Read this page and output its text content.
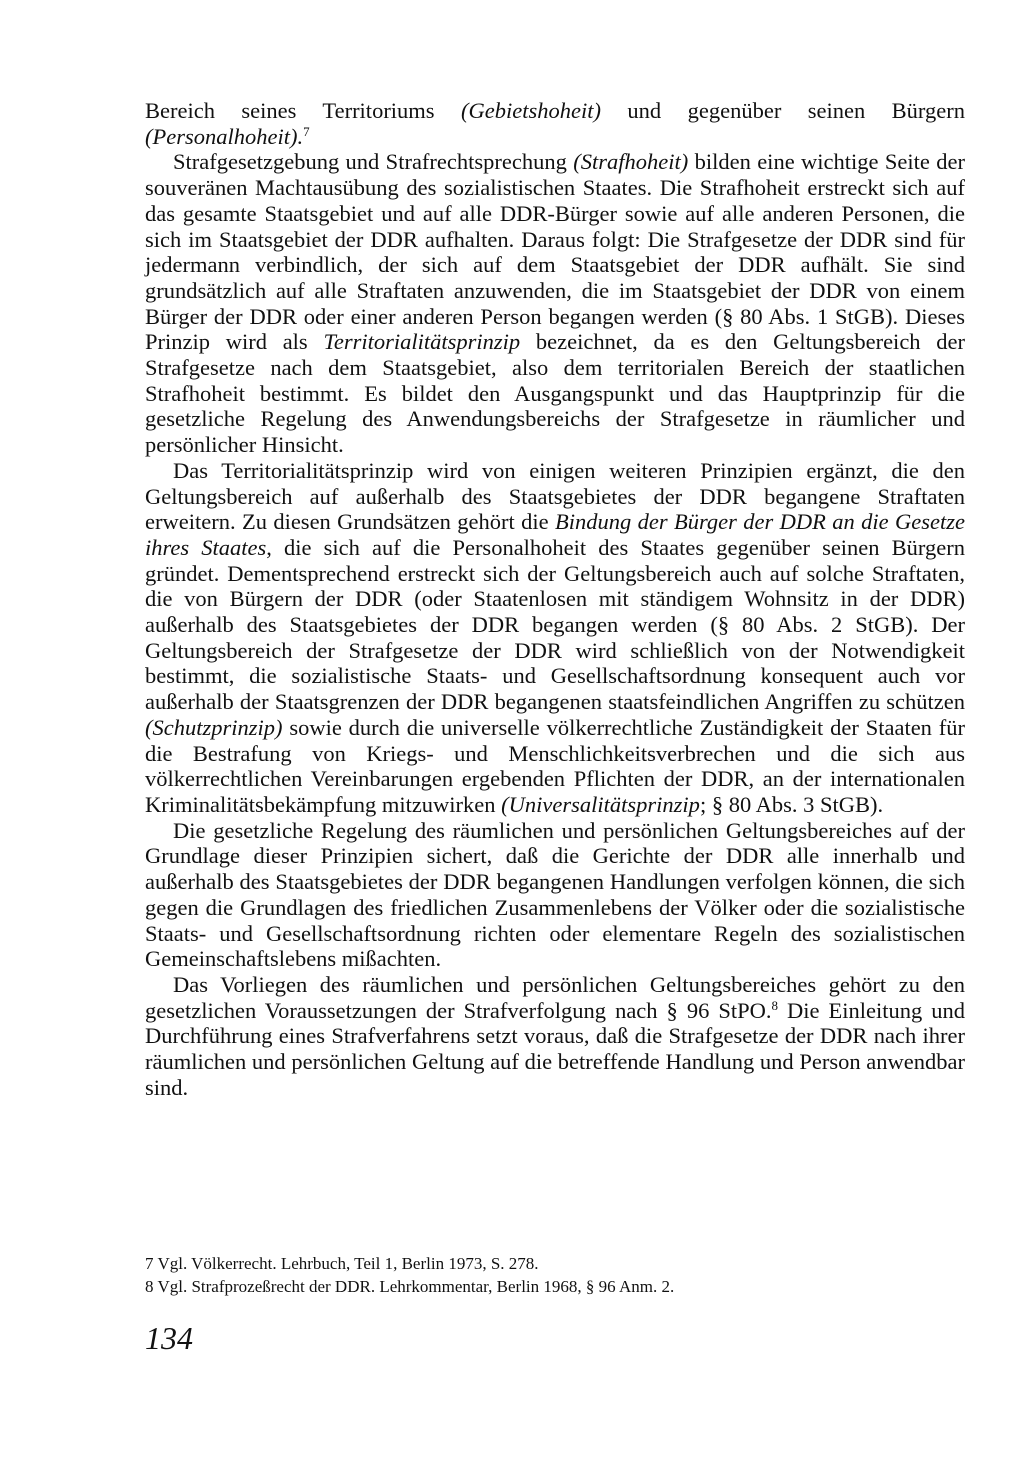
Bereich seines Territoriums (Gebietshoheit) und gegenüber seinen Bürgern (Personalhoheit).$^7$

Strafgesetzgebung und Strafrechtsprechung (Strafhoheit) bilden eine wichtige Seite der souveränen Machtausübung des sozialistischen Staates. Die Strafhoheit erstreckt sich auf das gesamte Staatsgebiet und auf alle DDR-Bürger sowie auf alle anderen Personen, die sich im Staatsgebiet der DDR aufhalten. Daraus folgt: Die Strafgesetze der DDR sind für jedermann verbindlich, der sich auf dem Staatsgebiet der DDR aufhält. Sie sind grundsätzlich auf alle Straftaten anzuwenden, die im Staatsgebiet der DDR von einem Bürger der DDR oder einer anderen Person begangen werden (§ 80 Abs. 1 StGB). Dieses Prinzip wird als Territorialitätsprinzip bezeichnet, da es den Geltungsbereich der Strafgesetze nach dem Staatsgebiet, also dem territorialen Bereich der staatlichen Strafhoheit bestimmt. Es bildet den Ausgangspunkt und das Hauptprinzip für die gesetzliche Regelung des Anwendungsbereichs der Strafgesetze in räumlicher und persönlicher Hinsicht.

Das Territorialitätsprinzip wird von einigen weiteren Prinzipien ergänzt, die den Geltungsbereich auf außerhalb des Staatsgebietes der DDR begangene Straftaten erweitern. Zu diesen Grundsätzen gehört die Bindung der Bürger der DDR an die Gesetze ihres Staates, die sich auf die Personalhoheit des Staates gegenüber seinen Bürgern gründet. Dementsprechend erstreckt sich der Geltungsbereich auch auf solche Straftaten, die von Bürgern der DDR (oder Staatenlosen mit ständigem Wohnsitz in der DDR) außerhalb des Staatsgebietes der DDR begangen werden (§ 80 Abs. 2 StGB). Der Geltungsbereich der Strafgesetze der DDR wird schließlich von der Notwendigkeit bestimmt, die sozialistische Staats- und Gesellschaftsordnung konsequent auch vor außerhalb der Staatsgrenzen der DDR begangenen staatsfeindlichen Angriffen zu schützen (Schutzprinzip) sowie durch die universelle völkerrechtliche Zuständigkeit der Staaten für die Bestrafung von Kriegs- und Menschlichkeitsverbrechen und die sich aus völkerrechtlichen Vereinbarungen ergebenden Pflichten der DDR, an der internationalen Kriminalitätsbekämpfung mitzuwirken (Universalitätsprinzip; § 80 Abs. 3 StGB).

Die gesetzliche Regelung des räumlichen und persönlichen Geltungsbereiches auf der Grundlage dieser Prinzipien sichert, daß die Gerichte der DDR alle innerhalb und außerhalb des Staatsgebietes der DDR begangenen Handlungen verfolgen können, die sich gegen die Grundlagen des friedlichen Zusammenlebens der Völker oder die sozialistische Staats- und Gesellschaftsordnung richten oder elementare Regeln des sozialistischen Gemeinschaftslebens mißachten.

Das Vorliegen des räumlichen und persönlichen Geltungsbereiches gehört zu den gesetzlichen Voraussetzungen der Strafverfolgung nach § 96 StPO.$^8$ Die Einleitung und Durchführung eines Strafverfahrens setzt voraus, daß die Strafgesetze der DDR nach ihrer räumlichen und persönlichen Geltung auf die betreffende Handlung und Person anwendbar sind.

7 Vgl. Völkerrecht. Lehrbuch, Teil 1, Berlin 1973, S. 278.

8 Vgl. Strafprozeßrecht der DDR. Lehrkommentar, Berlin 1968, § 96 Anm. 2.

134
